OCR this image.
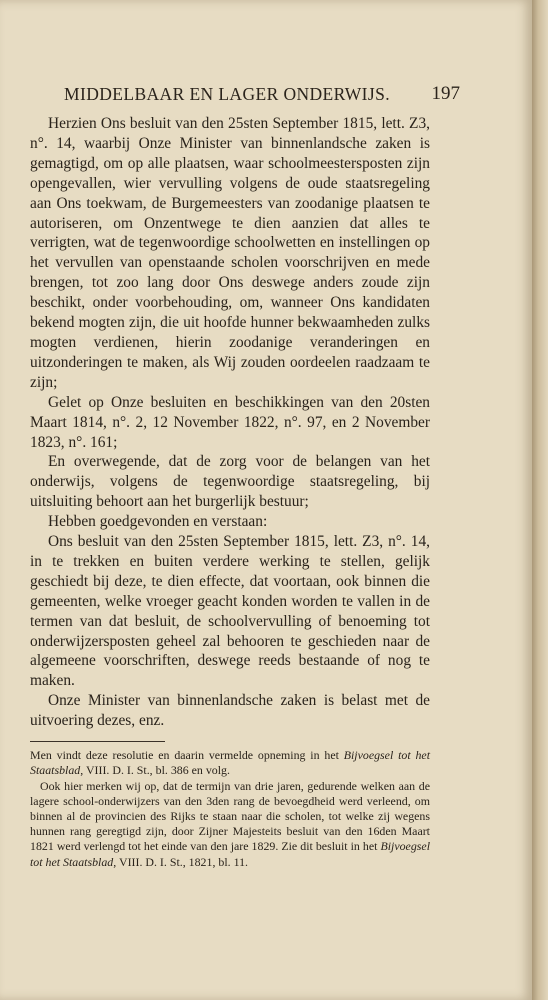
MIDDELBAAR EN LAGER ONDERWIJS. 197

Herzien Ons besluit van den 25sten September 1815, lett. Z3, n°. 14, waarbij Onze Minister van binnenlandsche zaken is gemagtigd, om op alle plaatsen, waar schoolmeestersposten zijn opengevallen, wier vervulling volgens de oude staatsregeling aan Ons toekwam, de Burgemeesters van zoodanige plaatsen te autoriseren, om Onzentwege te dien aanzien dat alles te verrigten, wat de tegenwoordige schoolwetten en instellingen op het vervullen van openstaande scholen voorschrijven en mede brengen, tot zoo lang door Ons deswege anders zoude zijn beschikt, onder voorbehouding, om, wanneer Ons kandidaten bekend mogten zijn, die uit hoofde hunner bekwaamheden zulks mogten verdienen, hierin zoodanige veranderingen en uitzonderingen te maken, als Wij zouden oordeelen raadzaam te zijn;

Gelet op Onze besluiten en beschikkingen van den 20sten Maart 1814, n°. 2, 12 November 1822, n°. 97, en 2 November 1823, n°. 161;

En overwegende, dat de zorg voor de belangen van het onderwijs, volgens de tegenwoordige staatsregeling, bij uitsluiting behoort aan het burgerlijk bestuur;

Hebben goedgevonden en verstaan:

Ons besluit van den 25sten September 1815, lett. Z3, n°. 14, in te trekken en buiten verdere werking te stellen, gelijk geschiedt bij deze, te dien effecte, dat voortaan, ook binnen die gemeenten, welke vroeger geacht konden worden te vallen in de termen van dat besluit, de schoolvervulling of benoeming tot onderwijzersposten geheel zal behooren te geschieden naar de algemeene voorschriften, deswege reeds bestaande of nog te maken.

Onze Minister van binnenlandsche zaken is belast met de uitvoering dezes, enz.

Men vindt deze resolutie en daarin vermelde opneming in het Bijvoegsel tot het Staatsblad, VIII. D. I. St., bl. 386 en volg.

Ook hier merken wij op, dat de termijn van drie jaren, gedurende welken aan de lagere school-onderwijzers van den 3den rang de bevoegdheid werd verleend, om binnen al de provincien des Rijks te staan naar die scholen, tot welke zij wegens hunnen rang geregtigd zijn, door Zijner Majesteits besluit van den 16den Maart 1821 werd verlengd tot het einde van den jare 1829. Zie dit besluit in het Bijvoegsel tot het Staatsblad, VIII. D. I. St., 1821, bl. 11.
